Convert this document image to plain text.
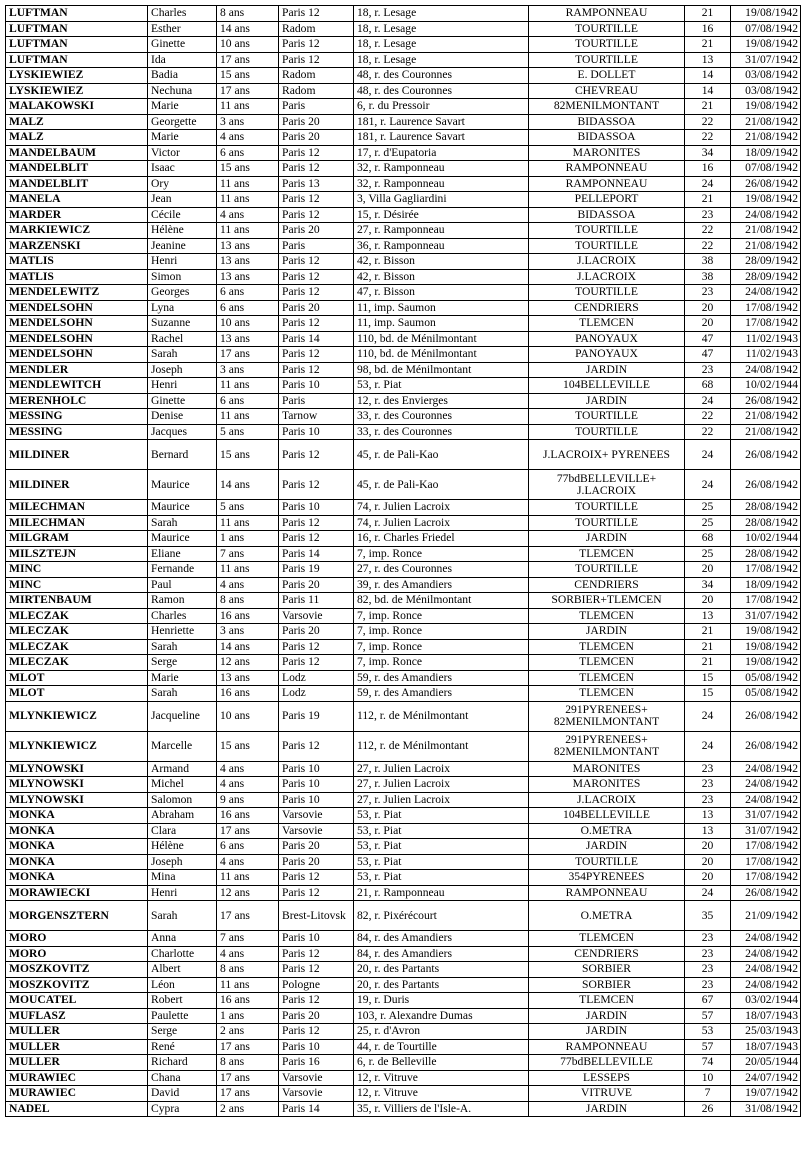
LUFTMAN	Charles	8 ans	Paris 12	18, r. Lesage	RAMPONNEAU	21	19/08/1942
LUFTMAN	Esther	14 ans	Radom	18, r. Lesage	TOURTILLE	16	07/08/1942
LUFTMAN	Ginette	10 ans	Paris 12	18, r. Lesage	TOURTILLE	21	19/08/1942
LUFTMAN	Ida	17 ans	Paris 12	18, r. Lesage	TOURTILLE	13	31/07/1942
LYSKIEWIEZ	Badia	15 ans	Radom	48, r. des Couronnes	E. DOLLET	14	03/08/1942
LYSKIEWIEZ	Nechuna	17 ans	Radom	48, r. des Couronnes	CHEVREAU	14	03/08/1942
MALAKOWSKI	Marie	11 ans	Paris	6, r. du Pressoir	82MENILMONTANT	21	19/08/1942
MALZ	Georgette	3 ans	Paris 20	181, r. Laurence Savart	BIDASSOA	22	21/08/1942
MALZ	Marie	4 ans	Paris 20	181, r. Laurence Savart	BIDASSOA	22	21/08/1942
MANDELBAUM	Victor	6 ans	Paris 12	17, r. d'Eupatoria	MARONITES	34	18/09/1942
MANDELBLIT	Isaac	15 ans	Paris 12	32, r. Ramponneau	RAMPONNEAU	16	07/08/1942
MANDELBLIT	Ory	11 ans	Paris 13	32, r. Ramponneau	RAMPONNEAU	24	26/08/1942
MANELA	Jean	11 ans	Paris 12	3, Villa Gagliardini	PELLEPORT	21	19/08/1942
MARDER	Cécile	4 ans	Paris 12	15, r. Désirée	BIDASSOA	23	24/08/1942
MARKIEWICZ	Hélène	11 ans	Paris 20	27, r. Ramponneau	TOURTILLE	22	21/08/1942
MARZENSKI	Jeanine	13 ans	Paris	36, r. Ramponneau	TOURTILLE	22	21/08/1942
MATLIS	Henri	13 ans	Paris 12	42, r. Bisson	J.LACROIX	38	28/09/1942
MATLIS	Simon	13 ans	Paris 12	42, r. Bisson	J.LACROIX	38	28/09/1942
MENDELEWITZ	Georges	6 ans	Paris 12	47, r. Bisson	TOURTILLE	23	24/08/1942
MENDELSOHN	Lyna	6 ans	Paris 20	11, imp. Saumon	CENDRIERS	20	17/08/1942
MENDELSOHN	Suzanne	10 ans	Paris 12	11, imp. Saumon	TLEMCEN	20	17/08/1942
MENDELSOHN	Rachel	13 ans	Paris 14	110, bd. de Ménilmontant	PANOYAUX	47	11/02/1943
MENDELSOHN	Sarah	17 ans	Paris 12	110, bd. de Ménilmontant	PANOYAUX	47	11/02/1943
MENDLER	Joseph	3 ans	Paris 12	98, bd. de Ménilmontant	JARDIN	23	24/08/1942
MENDLEWITCH	Henri	11 ans	Paris 10	53, r. Piat	104BELLEVILLE	68	10/02/1944
MERENHOLC	Ginette	6 ans	Paris	12, r. des Envierges	JARDIN	24	26/08/1942
MESSING	Denise	11 ans	Tarnow	33, r. des Couronnes	TOURTILLE	22	21/08/1942
MESSING	Jacques	5 ans	Paris 10	33, r. des Couronnes	TOURTILLE	22	21/08/1942
MILDINER	Bernard	15 ans	Paris 12	45, r. de Pali-Kao	J.LACROIX+ PYRENEES	24	26/08/1942
MILDINER	Maurice	14 ans	Paris 12	45, r. de Pali-Kao	77bdBELLEVILLE+ J.LACROIX	24	26/08/1942
MILECHMAN	Maurice	5 ans	Paris 10	74, r. Julien Lacroix	TOURTILLE	25	28/08/1942
MILECHMAN	Sarah	11 ans	Paris 12	74, r. Julien Lacroix	TOURTILLE	25	28/08/1942
MILGRAM	Maurice	1 ans	Paris 12	16, r. Charles Friedel	JARDIN	68	10/02/1944
MILSZTEJN	Eliane	7 ans	Paris 14	7, imp. Ronce	TLEMCEN	25	28/08/1942
MINC	Fernande	11 ans	Paris 19	27, r. des Couronnes	TOURTILLE	20	17/08/1942
MINC	Paul	4 ans	Paris 20	39, r. des Amandiers	CENDRIERS	34	18/09/1942
MIRTENBAUM	Ramon	8 ans	Paris 11	82, bd. de Ménilmontant	SORBIER+TLEMCEN	20	17/08/1942
MLECZAK	Charles	16 ans	Varsovie	7, imp. Ronce	TLEMCEN	13	31/07/1942
MLECZAK	Henriette	3 ans	Paris 20	7, imp. Ronce	JARDIN	21	19/08/1942
MLECZAK	Sarah	14 ans	Paris 12	7, imp. Ronce	TLEMCEN	21	19/08/1942
MLECZAK	Serge	12 ans	Paris 12	7, imp. Ronce	TLEMCEN	21	19/08/1942
MLOT	Marie	13 ans	Lodz	59, r. des Amandiers	TLEMCEN	15	05/08/1942
MLOT	Sarah	16 ans	Lodz	59, r. des Amandiers	TLEMCEN	15	05/08/1942
MLYNKIEWICZ	Jacqueline	10 ans	Paris 19	112, r. de Ménilmontant	291PYRENEES+ 82MENILMONTANT	24	26/08/1942
MLYNKIEWICZ	Marcelle	15 ans	Paris 12	112, r. de Ménilmontant	291PYRENEES+ 82MENILMONTANT	24	26/08/1942
MLYNOWSKI	Armand	4 ans	Paris 10	27, r. Julien Lacroix	MARONITES	23	24/08/1942
MLYNOWSKI	Michel	4 ans	Paris 10	27, r. Julien Lacroix	MARONITES	23	24/08/1942
MLYNOWSKI	Salomon	9 ans	Paris 10	27, r. Julien Lacroix	J.LACROIX	23	24/08/1942
MONKA	Abraham	16 ans	Varsovie	53, r. Piat	104BELLEVILLE	13	31/07/1942
MONKA	Clara	17 ans	Varsovie	53, r. Piat	O.METRA	13	31/07/1942
MONKA	Hélène	6 ans	Paris 20	53, r. Piat	JARDIN	20	17/08/1942
MONKA	Joseph	4 ans	Paris 20	53, r. Piat	TOURTILLE	20	17/08/1942
MONKA	Mina	11 ans	Paris 12	53, r. Piat	354PYRENEES	20	17/08/1942
MORAWIECKI	Henri	12 ans	Paris 12	21, r. Ramponneau	RAMPONNEAU	24	26/08/1942
MORGENSZTERN	Sarah	17 ans	Brest-Litovsk	82, r. Pixérécourt	O.METRA	35	21/09/1942
MORO	Anna	7 ans	Paris 10	84, r. des Amandiers	TLEMCEN	23	24/08/1942
MORO	Charlotte	4 ans	Paris 12	84, r. des Amandiers	CENDRIERS	23	24/08/1942
MOSZKOVITZ	Albert	8 ans	Paris 12	20, r. des Partants	SORBIER	23	24/08/1942
MOSZKOVITZ	Léon	11 ans	Pologne	20, r. des Partants	SORBIER	23	24/08/1942
MOUCATEL	Robert	16 ans	Paris 12	19, r. Duris	TLEMCEN	67	03/02/1944
MUFLASZ	Paulette	1 ans	Paris 20	103, r. Alexandre Dumas	JARDIN	57	18/07/1943
MULLER	Serge	2 ans	Paris 12	25, r. d'Avron	JARDIN	53	25/03/1943
MULLER	René	17 ans	Paris 10	44, r. de Tourtille	RAMPONNEAU	57	18/07/1943
MULLER	Richard	8 ans	Paris 16	6, r. de Belleville	77bdBELLEVILLE	74	20/05/1944
MURAWIEC	Chana	17 ans	Varsovie	12, r. Vitruve	LESSEPS	10	24/07/1942
MURAWIEC	David	17 ans	Varsovie	12, r. Vitruve	VITRUVE	7	19/07/1942
NADEL	Cypra	2 ans	Paris 14	35, r. Villiers de l'Isle-A.	JARDIN	26	31/08/1942
